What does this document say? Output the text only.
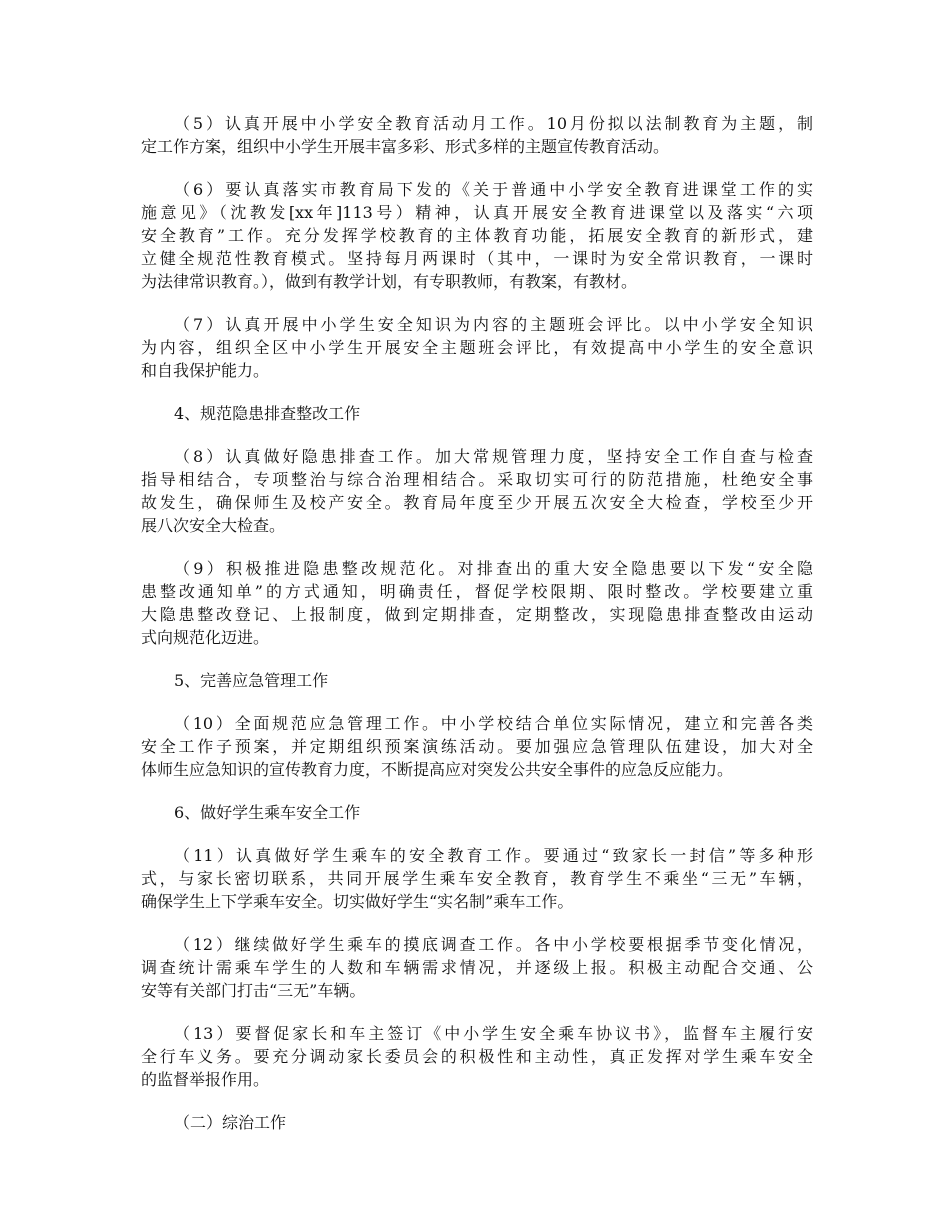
（5）认真开展中小学安全教育活动月工作。10月份拟以法制教育为主题，制
定工作方案，组织中小学生开展丰富多彩、形式多样的主题宣传教育活动。
（6）要认真落实市教育局下发的《关于普通中小学安全教育进课堂工作的实
施意见》（沈教发[xx年]113号）精神，认真开展安全教育进课堂以及落实“六项
安全教育”工作。充分发挥学校教育的主体教育功能，拓展安全教育的新形式，建
立健全规范性教育模式。坚持每月两课时（其中，一课时为安全常识教育，一课时
为法律常识教育。），做到有教学计划，有专职教师，有教案，有教材。
（7）认真开展中小学生安全知识为内容的主题班会评比。以中小学安全知识
为内容，组织全区中小学生开展安全主题班会评比，有效提高中小学生的安全意识
和自我保护能力。
4、规范隐患排查整改工作
（8）认真做好隐患排查工作。加大常规管理力度，坚持安全工作自查与检查
指导相结合，专项整治与综合治理相结合。采取切实可行的防范措施，杜绝安全事
故发生，确保师生及校产安全。教育局年度至少开展五次安全大检查，学校至少开
展八次安全大检查。
（9）积极推进隐患整改规范化。对排查出的重大安全隐患要以下发“安全隐
患整改通知单”的方式通知，明确责任，督促学校限期、限时整改。学校要建立重
大隐患整改登记、上报制度，做到定期排查，定期整改，实现隐患排查整改由运动
式向规范化迈进。
5、完善应急管理工作
（10）全面规范应急管理工作。中小学校结合单位实际情况，建立和完善各类
安全工作子预案，并定期组织预案演练活动。要加强应急管理队伍建设，加大对全
体师生应急知识的宣传教育力度，不断提高应对突发公共安全事件的应急反应能力。
6、做好学生乘车安全工作
（11）认真做好学生乘车的安全教育工作。要通过“致家长一封信”等多种形
式，与家长密切联系，共同开展学生乘车安全教育，教育学生不乘坐“三无”车辆，
确保学生上下学乘车安全。切实做好学生“实名制”乘车工作。
（12）继续做好学生乘车的摸底调查工作。各中小学校要根据季节变化情况，
调查统计需乘车学生的人数和车辆需求情况，并逐级上报。积极主动配合交通、公
安等有关部门打击“三无”车辆。
（13）要督促家长和车主签订《中小学生安全乘车协议书》，监督车主履行安
全行车义务。要充分调动家长委员会的积极性和主动性，真正发挥对学生乘车安全
的监督举报作用。
（二）综治工作
